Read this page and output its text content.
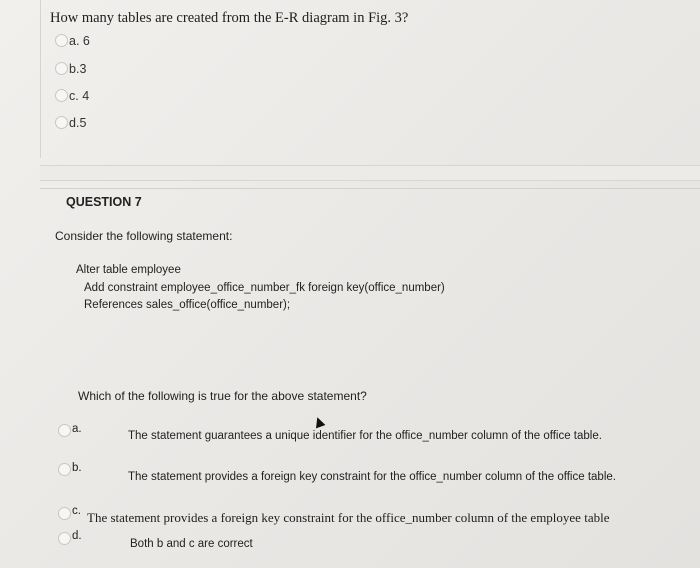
How many tables are created from the E-R diagram in Fig. 3?
a. 6
b.3
c. 4
d.5
QUESTION 7
Consider the following statement:
Alter table employee
Add constraint employee_office_number_fk foreign key(office_number)
References sales_office(office_number);
Which of the following is true for the above statement?
a.
The statement guarantees a unique identifier for the office_number column of the office table.
b.
The statement provides a foreign key constraint for the office_number column of the office table.
c. The statement provides a foreign key constraint for the office_number column of the employee table
d.
Both b and c are correct
